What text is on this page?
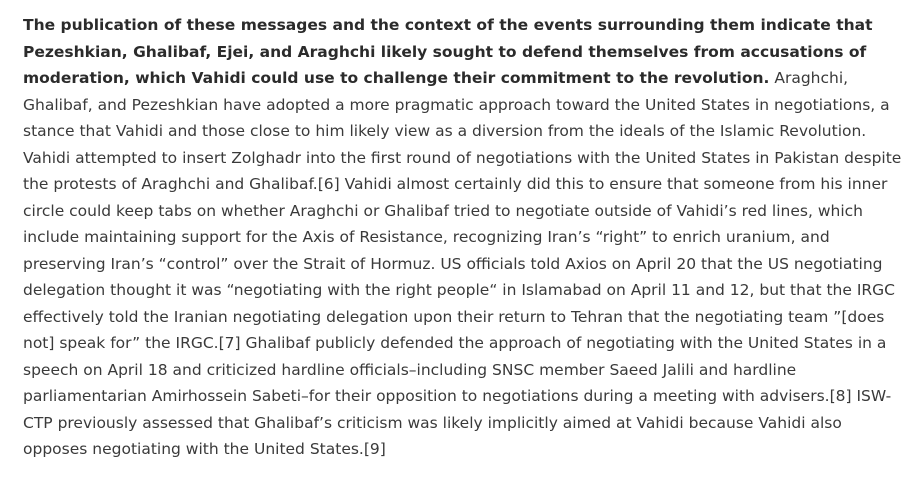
The publication of these messages and the context of the events surrounding them indicate that Pezeshkian, Ghalibaf, Ejei, and Araghchi likely sought to defend themselves from accusations of moderation, which Vahidi could use to challenge their commitment to the revolution. Araghchi, Ghalibaf, and Pezeshkian have adopted a more pragmatic approach toward the United States in negotiations, a stance that Vahidi and those close to him likely view as a diversion from the ideals of the Islamic Revolution. Vahidi attempted to insert Zolghadr into the first round of negotiations with the United States in Pakistan despite the protests of Araghchi and Ghalibaf.[6] Vahidi almost certainly did this to ensure that someone from his inner circle could keep tabs on whether Araghchi or Ghalibaf tried to negotiate outside of Vahidi’s red lines, which include maintaining support for the Axis of Resistance, recognizing Iran’s “right” to enrich uranium, and preserving Iran’s “control” over the Strait of Hormuz. US officials told Axios on April 20 that the US negotiating delegation thought it was “negotiating with the right people“ in Islamabad on April 11 and 12, but that the IRGC effectively told the Iranian negotiating delegation upon their return to Tehran that the negotiating team ”[does not] speak for” the IRGC.[7] Ghalibaf publicly defended the approach of negotiating with the United States in a speech on April 18 and criticized hardline officials–including SNSC member Saeed Jalili and hardline parliamentarian Amirhossein Sabeti–for their opposition to negotiations during a meeting with advisers.[8] ISW-CTP previously assessed that Ghalibaf’s criticism was likely implicitly aimed at Vahidi because Vahidi also opposes negotiating with the United States.[9]
